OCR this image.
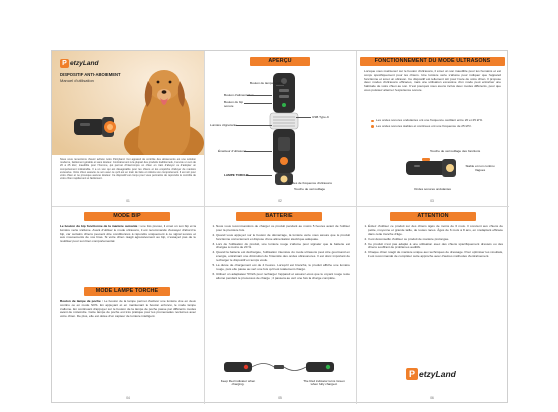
P etzyLand
DISPOSITIF ANTI-ABOIEMENT
Manuel d'utilisation
Nous vous remercions d'avoir acheté notre Pétzyland. Cet appareil de contrôle des aboiements est une solution moderne, facilement gérable et sans douleur. Contrairement à la plupart des produits traditionnels, il envoie un son de 20 à 25 kHz, inaudible pour l'homme, qui permet d'interrompre un chien en train d'aboyer ou d'adopter un comportement indésirable. Il a un son qui est désagréable pour les chiens et les empêche d'aboyer de manière excessive. Votre chien associe ce son avec ce qu'il est en train de faire et réduira son comportement. Il est sûr pour votre chien et ne provoque aucune douleur. Ce dispositif est conçu pour vous permettre de reprendre le contrôle de votre chien rapidement et facilement.
01
APERÇU
Bouton de lampe torche
Bouton d'alimentation
Bouton du bip sonore
USB Type-C
Lumière clignotante
Émetteur d'ultrasons
LAMPE TORCHE
Modes de fréquence d'ultrasons
Touche de verrouillage
02
FONCTIONNEMENT DU MODE ULTRASONS
Lorsque vous maintenez sur le bouton d'ultrasons, il émet un son inaudible pour les humains et est conçu spécifiquement pour les chiens. Une lumière verte s'allume pour indiquer que l'appareil fonctionne et émet un ultrason. Ce dispositif est tellement sûr pour l'ouïe de votre chien. Il propose deux modes d'ultrasons efficaces, mais une utilisation excessive d'un mode peut entraîner une habitude de votre chien au son. C'est pourquoi nous avons inclus deux modes différents, pour que vous puissiez alterner l'expérience sonore.
Les ondes sonores ondulantes ont une fréquence oscillant entre 20 et 25 kHz.
Les ondes sonores stables et continues ont une fréquence de 25 kHz.
Touche de verrouillage des fonctions
Stable et non continu
Vagues
Ondes sonores ondulantes
03
MODE BIP
Le bouton du bip fonctionne de la manière suivante : une fois pressé, il émet un son bip et la lumière verte s'allume. Avant d'utiliser le mode ultrasons, il est recommandé d'essayer d'abord le bip, car certains chiens peuvent être conditionnés à répondre uniquement à ce signal sonore et aux mouvements de vos bras. Si votre chien réagit agressivement au bip, n'essayez pas de le réutiliser pour son bien comportemental.
MODE LAMPE TORCHE
Bouton de lampe de poche : Le bouton de la lampe permet d'activer une lumière vive en deux continu ou en mode SOS. En appuyant et en maintenant le bouton enfoncé, le mode lampe s'allume. En continuant d'appuyer sur le bouton de la lampe de poche passe par différents modes avant de s'éteindre. Cette lampe de poche est très pratique pour les promenades nocturnes avec votre chien. De plus, elle est dotée d'un capteur de lumière intelligent.
04
BATTERIE
1. Nous vous recommandons de charger ce produit pendant au moins 5 heures avant de l'utiliser pour la première fois.
2. Quand vous appuyez sur le bouton de démarrage, la lumière verte vous assure que le produit fonctionne correctement et dispose d'une alimentation électrique adéquate.
3. Lors de l'utilisation du produit, une lumière rouge s'allume pour signaler que la batterie est chargée à moins de 20 %.
4. Quand la batterie est déchargée, l'utilisation intensive du mode ultrasons peut être gourmand en énergie, entraînant une diminution de l'intensité des ondes ultrasonores. Il est donc important de recharger le dispositif en temps voulu.
5. La durée de chargement est de 4 heures. Lorsqu'il est branché, le produit affiche une lumière rouge, puis elle passe au vert une fois qu'il est totalement chargé.
6. Utilisez un adaptateur 5V/2A pour recharger l'appareil et assurez-vous que le voyant rouge reste allumé pendant le processus de charge ; il passera au vert une fois la charge complète.
Keep Red indicator when charging.
The Red indicator turns Green when fully charged.
05
ATTENTION
1. Évitez d'utiliser ce produit sur des chiens âgés de moins de 6 mois. Il convient aux chiens de petite, moyenne et grande taille, de toutes races. Âgés de 6 mois à 8 ans, en s'adaptant efficace dans cette tranche d'âge.
2. Il est déconseillé d'utiliser ce produit de manière prolongée.
3. Ce produit n'est pas adapté à une utilisation avec des chiens spécifiquement dressés ou des chiens souffrant de problèmes auditifs.
4. Chaque chien réagit de manière unique aux techniques de dressage. Pour optimiser les résultats, il est recommandé de compléter cette approche avec d'autres méthodes d'entraînement.
P etzyLand
06
